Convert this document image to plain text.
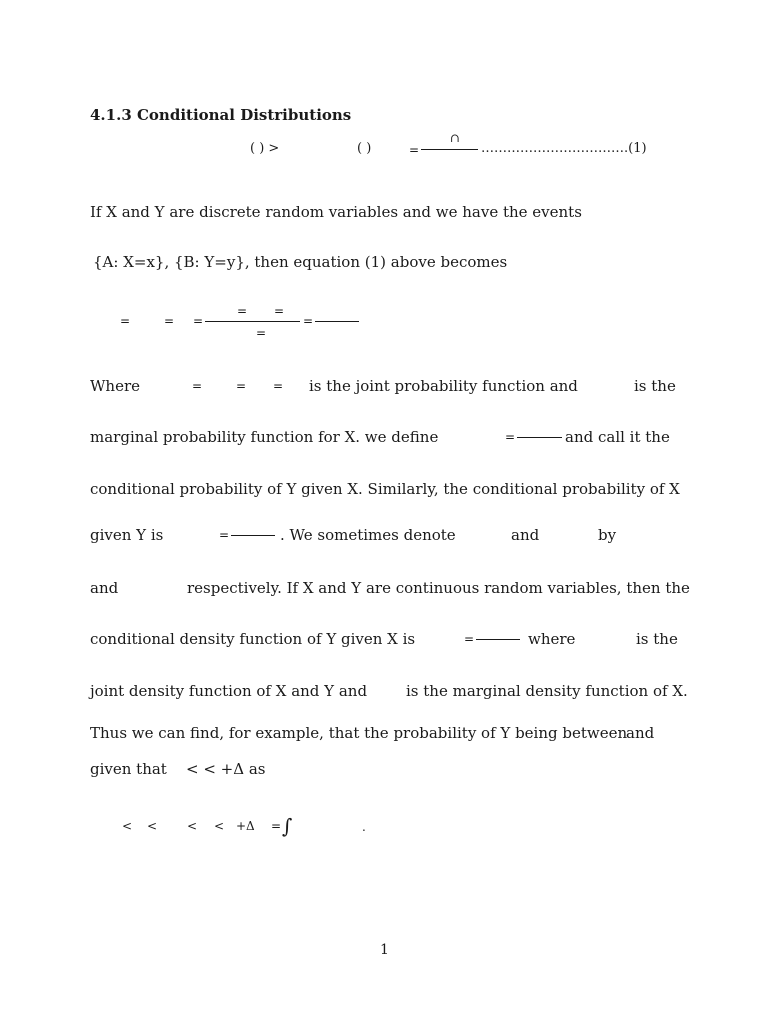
4.1.3 Conditional Distributions
( ) >	( )	=
∩
…………………………….(1)
If X and Y are discrete random variables and we have the events
{A: X=x}, {B: Y=y}, then equation (1) above becomes
=	= =
= =
=
=
Where	=	= = is the joint probability function and	is the
marginal probability function for X. we define	=	and call it the
conditional probability of Y given X. Similarly, the conditional probability of X
given Y is	=	. We sometimes denote	and	by
and	respectively. If X and Y are continuous random variables, then the
conditional density function of Y given X is	=	where	is the
joint density function of X and Y and	is the marginal density function of X.
Thus we can find, for example, that the probability of Y being between
and
given that < < +Δ as
< < < < +Δ = ∫	.
1
